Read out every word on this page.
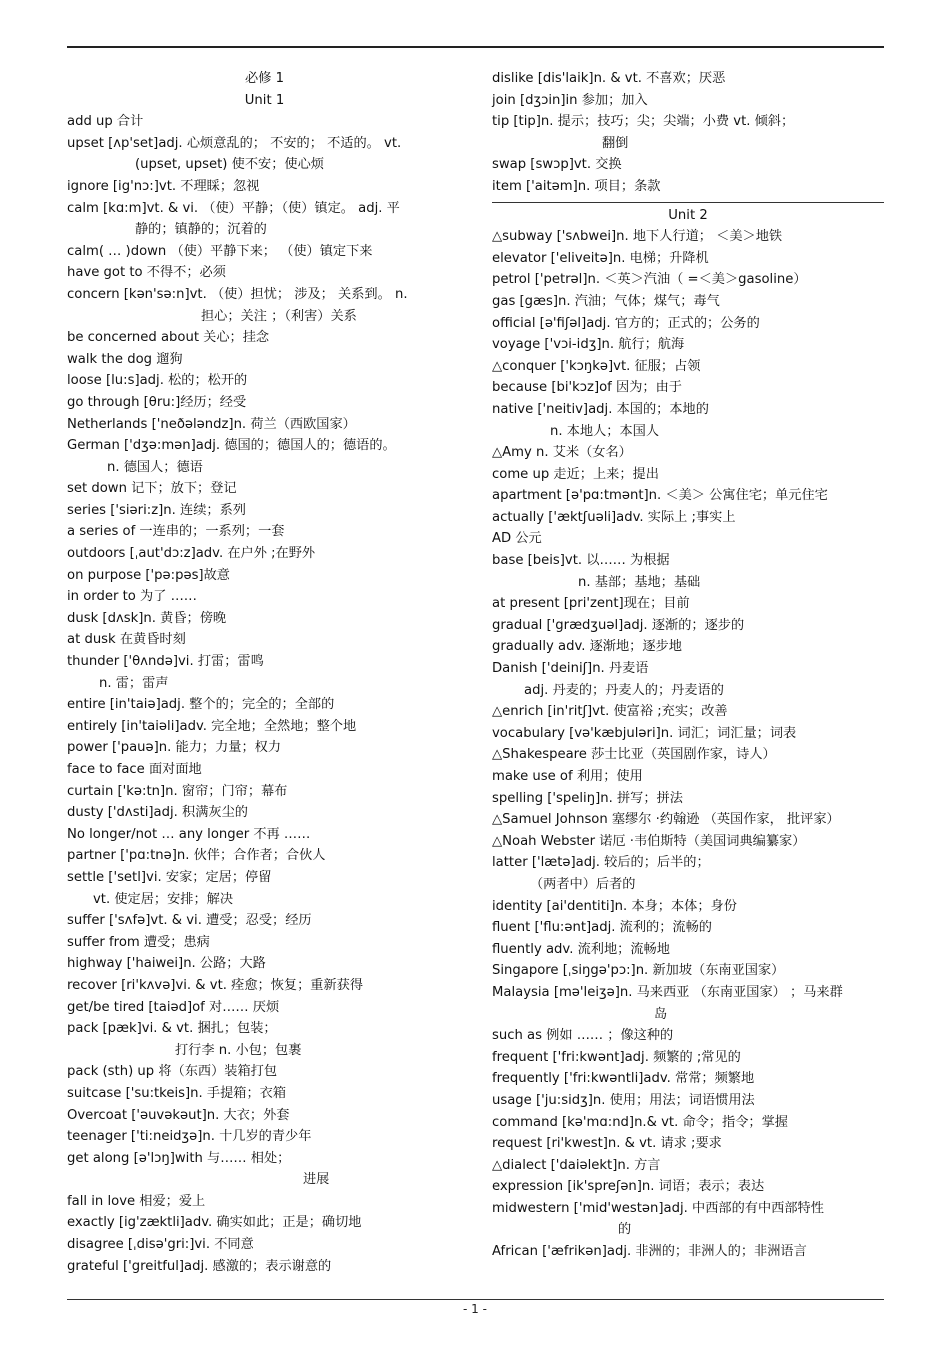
必修 1
Unit 1
add up 合计
upset [ʌp'set]adj. 心烦意乱的； 不安的； 不适的。 vt.
(upset, upset) 使不安；使心烦
ignore [ig'nɔ:]vt. 不理睬；忽视
calm [kɑ:m]vt. & vi. （使）平静；（使）镇定。 adj. 平
静的；镇静的；沉着的
calm( … )down （使）平静下来； （使）镇定下来
have got to 不得不；必须
concern [kən'sə:n]vt. （使）担忧； 涉及； 关系到。 n.
担心；关注 ；（利害）关系
be concerned about 关心；挂念
walk the dog 遛狗
loose [lu:s]adj. 松的；松开的
go through [θru:]经历；经受
Netherlands ['neðələndz]n. 荷兰（西欧国家）
German ['dʒə:mən]adj. 德国的；德国人的；德语的。
n. 德国人；德语
set down 记下；放下；登记
series ['siəri:z]n. 连续；系列
a series of 一连串的；一系列；一套
outdoors [ˌaut'dɔ:z]adv. 在户外 ;在野外
on purpose ['pə:pəs]故意
in order to 为了 ……
dusk [dʌsk]n. 黄昏；傍晚
at dusk 在黄昏时刻
thunder ['θʌndə]vi. 打雷；雷鸣
n. 雷；雷声
entire [in'taiə]adj. 整个的；完全的；全部的
entirely [in'taiəli]adv. 完全地；全然地；整个地
power ['pauə]n. 能力；力量；权力
face to face 面对面地
curtain ['kə:tn]n. 窗帘；门帘；幕布
dusty ['dʌsti]adj. 积满灰尘的
No longer/not … any longer 不再 ……
partner ['pɑ:tnə]n. 伙伴；合作者；合伙人
settle ['setl]vi. 安家；定居；停留
vt. 使定居；安排；解决
suffer ['sʌfə]vt. & vi. 遭受；忍受；经历
suffer from 遭受；患病
highway ['haiwei]n. 公路；大路
recover [ri'kʌvə]vi. & vt. 痊愈；恢复；重新获得
get/be tired [taiəd]of 对…… 厌烦
pack [pæk]vi. & vt. 捆扎；包装；
打行李 n. 小包；包裹
pack (sth) up 将（东西）装箱打包
suitcase ['su:tkeis]n. 手提箱；衣箱
Overcoat ['əuvəkəut]n. 大衣；外套
teenager ['ti:neidʒə]n. 十几岁的青少年
get along [ə'lɔŋ]with 与…… 相处；
进展
fall in love 相爱；爱上
exactly [ig'zæktli]adv. 确实如此；正是；确切地
disagree [ˌdisə'gri:]vi. 不同意
grateful ['greitful]adj. 感激的；表示谢意的
dislike [dis'laik]n. & vt. 不喜欢；厌恶
join [dʒɔin]in 参加；加入
tip [tip]n. 提示；技巧；尖；尖端；小费 vt. 倾斜；
翻倒
swap [swɔp]vt. 交换
item ['aitəm]n. 项目；条款
Unit 2
△subway ['sʌbwei]n. 地下人行道； ＜美＞地铁
elevator ['eliveitə]n. 电梯；升降机
petrol ['petrəl]n. ＜英＞汽油（ =＜美＞gasoline）
gas [gæs]n. 汽油；气体；煤气；毒气
official [ə'fiʃəl]adj. 官方的；正式的；公务的
voyage ['vɔi-idʒ]n. 航行；航海
△conquer ['kɔŋkə]vt. 征服；占领
because [bi'kɔz]of 因为；由于
native ['neitiv]adj. 本国的；本地的
n. 本地人；本国人
△Amy n. 艾米（女名）
come up 走近；上来；提出
apartment [ə'pɑ:tmənt]n. ＜美＞ 公寓住宅；单元住宅
actually ['æktʃuəli]adv. 实际上 ;事实上
AD 公元
base [beis]vt. 以…… 为根据
n. 基部；基地；基础
at present [pri'zent]现在；目前
gradual ['grædʒuəl]adj. 逐渐的；逐步的
gradually adv. 逐渐地；逐步地
Danish ['deiniʃ]n. 丹麦语
adj. 丹麦的；丹麦人的；丹麦语的
△enrich [in'ritʃ]vt. 使富裕 ;充实；改善
vocabulary [və'kæbjuləri]n. 词汇；词汇量；词表
△Shakespeare 莎士比亚（英国剧作家，诗人）
make use of 利用；使用
spelling ['speliŋ]n. 拼写；拼法
△Samuel Johnson 塞缪尔 ·约翰逊 （英国作家， 批评家）
△Noah Webster 诺厄 ·韦伯斯特（美国词典编纂家）
latter ['lætə]adj. 较后的；后半的；
（两者中）后者的
identity [ai'dentiti]n. 本身；本体；身份
fluent ['flu:ənt]adj. 流利的；流畅的
fluently adv. 流利地；流畅地
Singapore [ˌsiŋgə'pɔ:]n. 新加坡（东南亚国家）
Malaysia [mə'leiʒə]n. 马来西亚 （东南亚国家） ；马来群
岛
such as 例如 …… ；像这种的
frequent ['fri:kwənt]adj. 频繁的 ;常见的
frequently ['fri:kwəntli]adv. 常常；频繁地
usage ['ju:sidʒ]n. 使用；用法；词语惯用法
command [kə'mɑ:nd]n.& vt. 命令；指令；掌握
request [ri'kwest]n. & vt. 请求 ;要求
△dialect ['daiəlekt]n. 方言
expression [ik'spreʃən]n. 词语；表示；表达
midwestern ['mid'westən]adj. 中西部的有中西部特性
的
African ['æfrikən]adj. 非洲的；非洲人的；非洲语言
- 1 -
